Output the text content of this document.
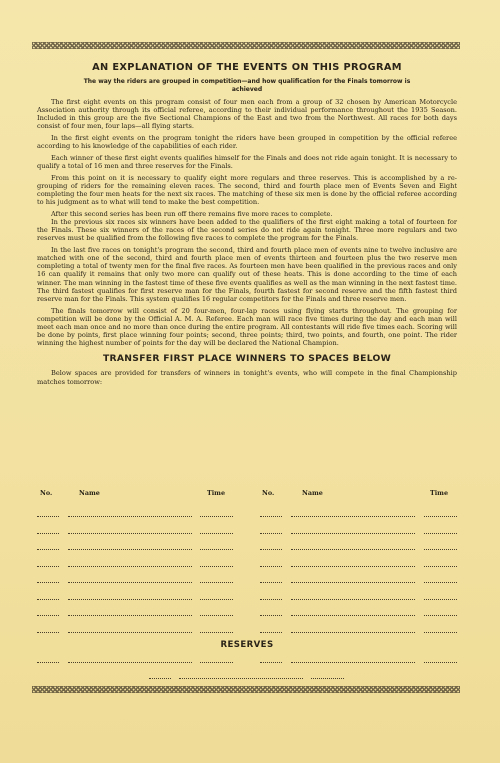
AN EXPLANATION OF THE EVENTS ON THIS PROGRAM
The way the riders are grouped in competition—and how qualification for the Finals tomorrow is achieved

The first eight events on this program consist of four men each from a group of 32 chosen by American Motorcycle Association authority through its official referee, according to their individual performance throughout the 1935 Season. Included in this group are the five Sectional Champions of the East and two from the Northwest. All races for both days consist of four men, four laps—all flying starts.

In the first eight events on the program tonight the riders have been grouped in competition by the official referee according to his knowledge of the capabilities of each rider.

Each winner of these first eight events qualifies himself for the Finals and does not ride again tonight. It is necessary to qualify a total of 16 men and three reserves for the Finals.

From this point on it is necessary to qualify eight more regulars and three reserves. This is accomplished by a re-grouping of riders for the remaining eleven races. The second, third and fourth place men of Events Seven and Eight completing the four men heats for the next six races. The matching of these six men is done by the official referee according to his judgment as to what will tend to make the best competition.

After this second series has been run off there remains five more races to complete.

In the previous six races six winners have been added to the qualifiers of the first eight making a total of fourteen for the Finals. These six winners of the races of the second series do not ride again tonight. Three more regulars and two reserves must be qualified from the following five races to complete the program for the Finals.

In the last five races on tonight's program the second, third and fourth place men of events nine to twelve inclusive are matched with one of the second, third and fourth place men of events thirteen and fourteen plus the two reserve men completing a total of twenty men for the final five races. As fourteen men have been qualified in the previous races and only 16 can qualify it remains that only two more can qualify out of these heats. This is done according to the time of each winner. The man winning in the fastest time of these five events qualifies as well as the man winning in the next fastest time. The third fastest qualifies for first reserve man for the Finals, fourth fastest for second reserve and the fifth fastest third reserve man for the Finals. This system qualifies 16 regular competitors for the Finals and three reserve men.

The finals tomorrow will consist of 20 four-men, four-lap races using flying starts throughout. The grouping for competition will be done by the Official A. M. A. Referee. Each man will race five times during the day and each man will meet each man once and no more than once during the entire program. All contestants will ride five times each. Scoring will be done by points, first place winning four points; second, three points; third, two points, and fourth, one point. The rider winning the highest number of points for the day will be declared the National Champion.

TRANSFER FIRST PLACE WINNERS TO SPACES BELOW

Below spaces are provided for transfers of winners in tonight's events, who will compete in the final Championship matches tomorrow:

No.	Name	Time	No.	Name	Time
RESERVES
